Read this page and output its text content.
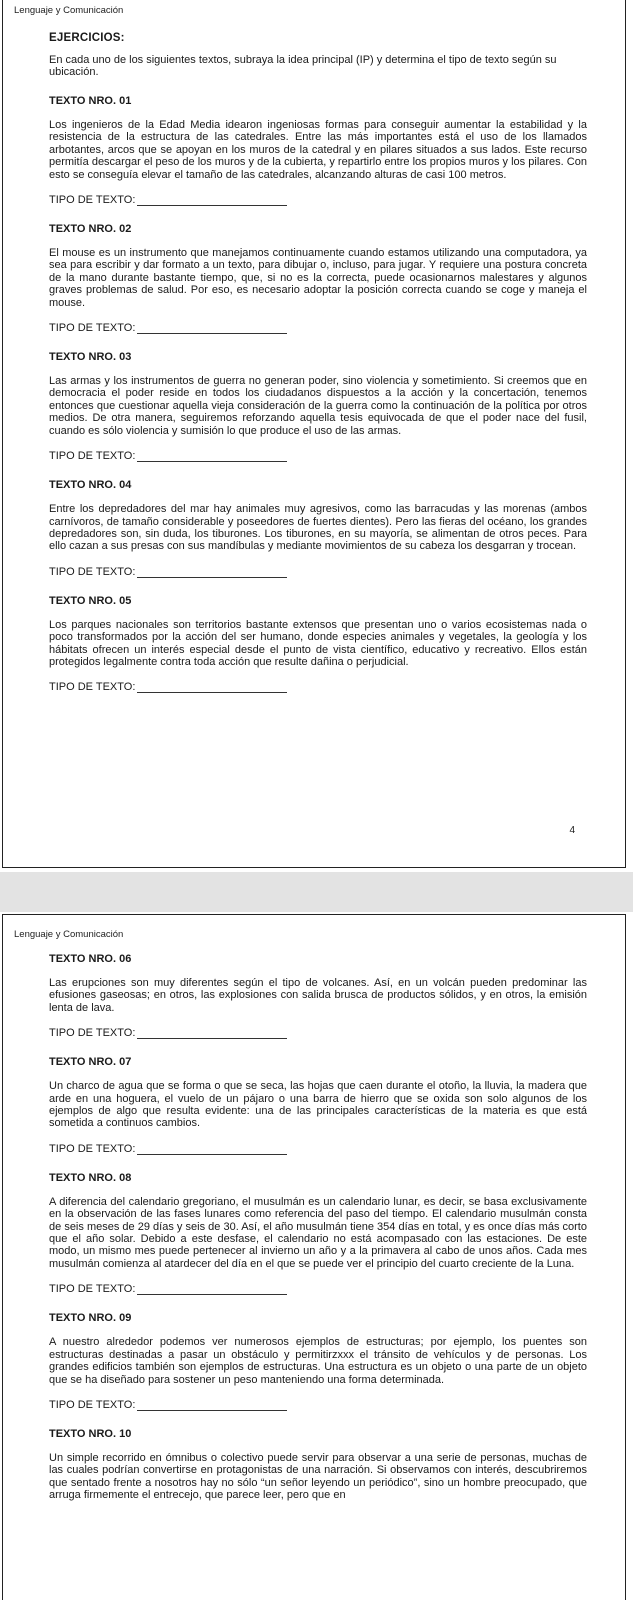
Lenguaje y Comunicación
EJERCICIOS:
En cada uno de los siguientes textos, subraya la idea principal (IP) y determina el tipo de texto según su ubicación.
TEXTO NRO. 01
Los ingenieros de la Edad Media idearon ingeniosas formas para conseguir aumentar la estabilidad y la resistencia de la estructura de las catedrales. Entre las más importantes está el uso de los llamados arbotantes, arcos que se apoyan en los muros de la catedral y en pilares situados a sus lados. Este recurso permitía descargar el peso de los muros y de la cubierta, y repartirlo entre los propios muros y los pilares. Con esto se conseguía elevar el tamaño de las catedrales, alcanzando alturas de casi 100 metros.
TIPO DE TEXTO:
TEXTO NRO. 02
El mouse es un instrumento que manejamos continuamente cuando estamos utilizando una computadora, ya sea para escribir y dar formato a un texto, para dibujar o, incluso, para jugar. Y requiere una postura concreta de la mano durante bastante tiempo, que, si no es la correcta, puede ocasionarnos malestares y algunos graves problemas de salud. Por eso, es necesario adoptar la posición correcta cuando se coge y maneja el mouse.
TIPO DE TEXTO:
TEXTO NRO. 03
Las armas y los instrumentos de guerra no generan poder, sino violencia y sometimiento. Si creemos que en democracia el poder reside en todos los ciudadanos dispuestos a la acción y la concertación, tenemos entonces que cuestionar aquella vieja consideración de la guerra como la continuación de la política por otros medios. De otra manera, seguiremos reforzando aquella tesis equivocada de que el poder nace del fusil, cuando es sólo violencia y sumisión lo que produce el uso de las armas.
TIPO DE TEXTO:
TEXTO NRO. 04
Entre los depredadores del mar hay animales muy agresivos, como las barracudas y las morenas (ambos carnívoros, de tamaño considerable y poseedores de fuertes dientes). Pero las fieras del océano, los grandes depredadores son, sin duda, los tiburones. Los tiburones, en su mayoría, se alimentan de otros peces. Para ello cazan a sus presas con sus mandíbulas y mediante movimientos de su cabeza los desgarran y trocean.
TIPO DE TEXTO:
TEXTO NRO. 05
Los parques nacionales son territorios bastante extensos que presentan uno o varios ecosistemas nada o poco transformados por la acción del ser humano, donde especies animales y vegetales, la geología y los hábitats ofrecen un interés especial desde el punto de vista científico, educativo y recreativo. Ellos están protegidos legalmente contra toda acción que resulte dañina o perjudicial.
TIPO DE TEXTO:
4
Lenguaje y Comunicación
TEXTO NRO. 06
Las erupciones son muy diferentes según el tipo de volcanes. Así, en un volcán pueden predominar las efusiones gaseosas; en otros, las explosiones con salida brusca de productos sólidos, y en otros, la emisión lenta de lava.
TIPO DE TEXTO:
TEXTO NRO. 07
Un charco de agua que se forma o que se seca, las hojas que caen durante el otoño, la lluvia, la madera que arde en una hoguera, el vuelo de un pájaro o una barra de hierro que se oxida son solo algunos de los ejemplos de algo que resulta evidente: una de las principales características de la materia es que está sometida a continuos cambios.
TIPO DE TEXTO:
TEXTO NRO. 08
A diferencia del calendario gregoriano, el musulmán es un calendario lunar, es decir, se basa exclusivamente en la observación de las fases lunares como referencia del paso del tiempo. El calendario musulmán consta de seis meses de 29 días y seis de 30. Así, el año musulmán tiene 354 días en total, y es once días más corto que el año solar. Debido a este desfase, el calendario no está acompasado con las estaciones. De este modo, un mismo mes puede pertenecer al invierno un año y a la primavera al cabo de unos años. Cada mes musulmán comienza al atardecer del día en el que se puede ver el principio del cuarto creciente de la Luna.
TIPO DE TEXTO:
TEXTO NRO. 09
A nuestro alrededor podemos ver numerosos ejemplos de estructuras; por ejemplo, los puentes son estructuras destinadas a pasar un obstáculo y permitirzxxx el tránsito de vehículos y de personas. Los grandes edificios también son ejemplos de estructuras. Una estructura es un objeto o una parte de un objeto que se ha diseñado para sostener un peso manteniendo una forma determinada.
TIPO DE TEXTO:
TEXTO NRO. 10
Un simple recorrido en ómnibus o colectivo puede servir para observar a una serie de personas, muchas de las cuales podrían convertirse en protagonistas de una narración. Si observamos con interés, descubriremos que sentado frente a nosotros hay no sólo “un señor leyendo un periódico”, sino un hombre preocupado, que arruga firmemente el entrecejo, que parece leer, pero que en
